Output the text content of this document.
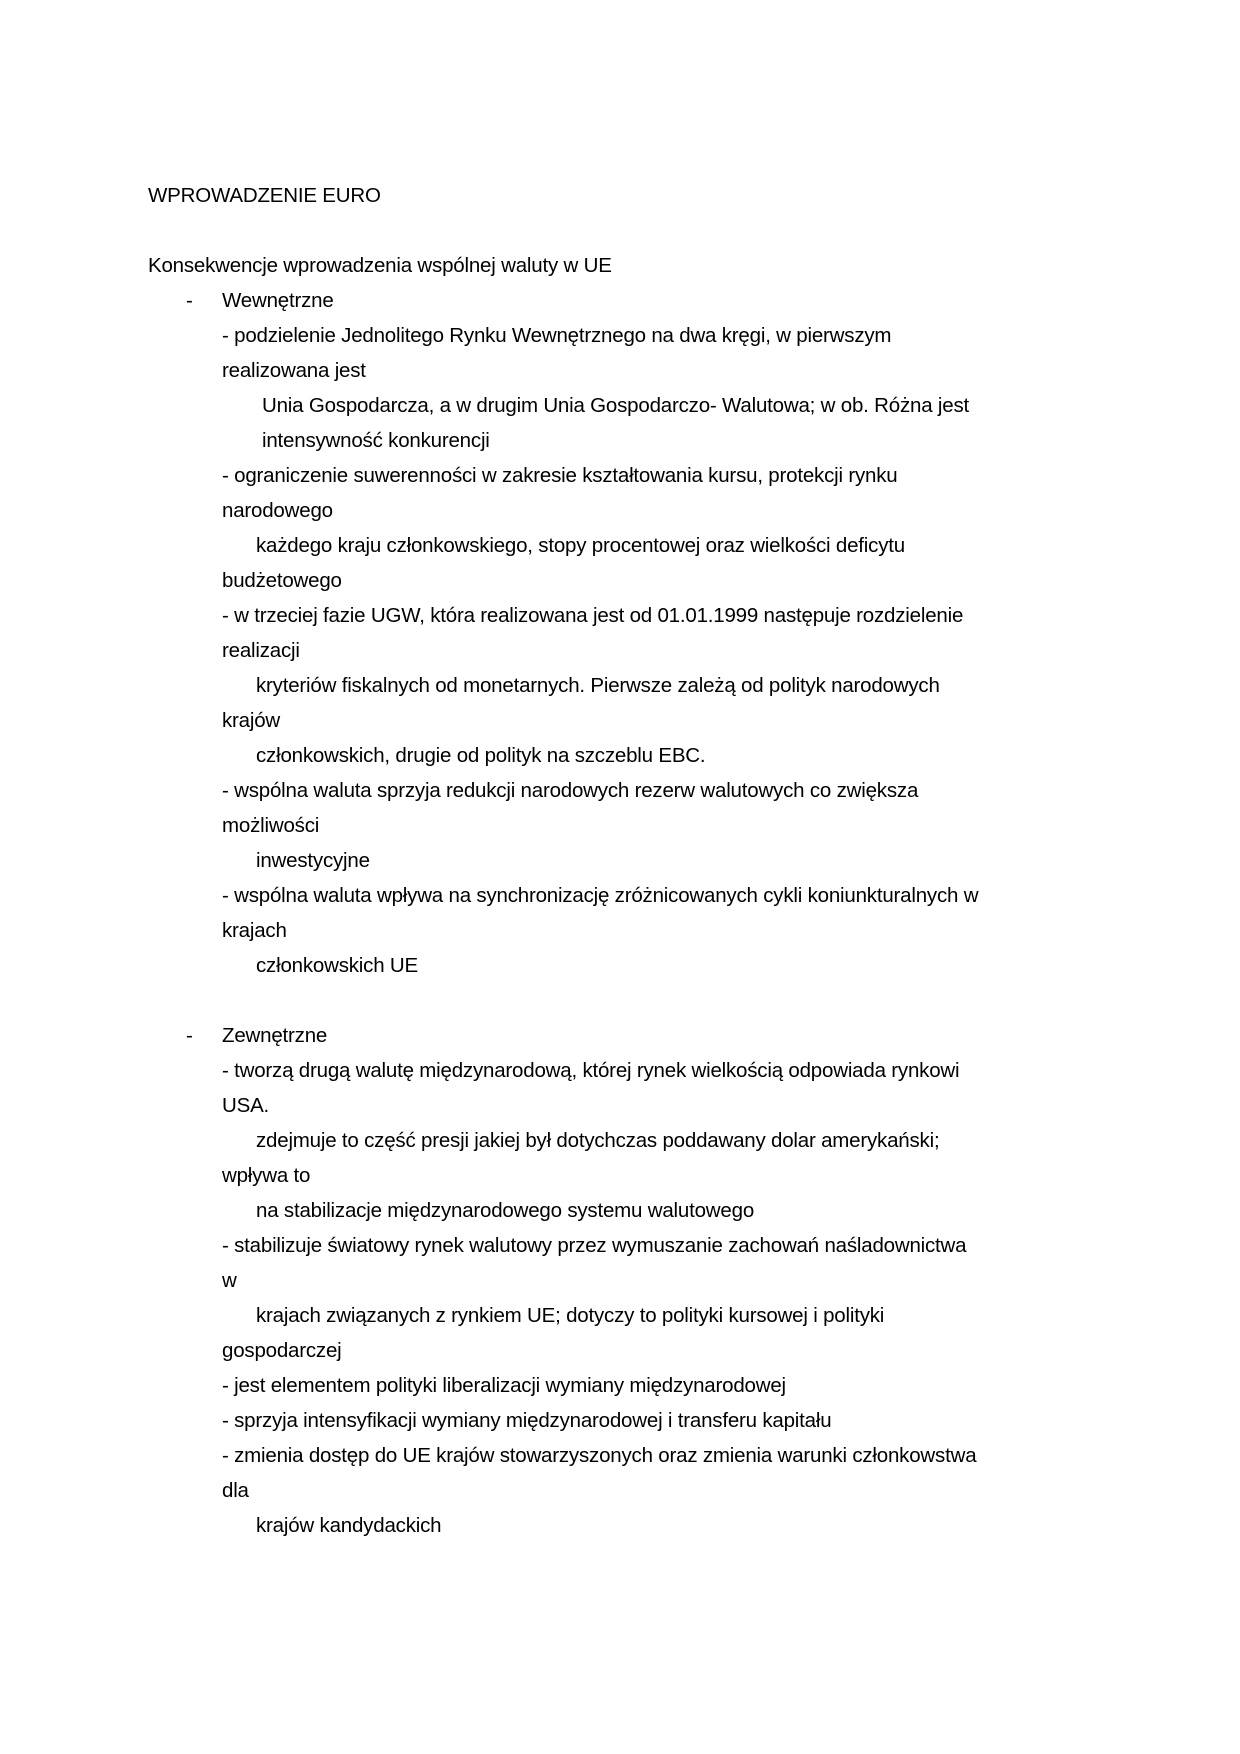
WPROWADZENIE EURO
Konsekwencje wprowadzenia wspólnej waluty w UE
- Wewnętrzne
- podzielenie Jednolitego Rynku Wewnętrznego na dwa kręgi, w pierwszym
realizowana jest
Unia Gospodarcza, a w drugim Unia Gospodarczo- Walutowa; w ob. Różna jest
intensywność konkurencji
- ograniczenie suwerenności w zakresie kształtowania kursu, protekcji rynku
narodowego
każdego kraju członkowskiego, stopy procentowej oraz wielkości deficytu
budżetowego
- w trzeciej fazie UGW, która realizowana jest od 01.01.1999 następuje rozdzielenie
realizacji
kryteriów fiskalnych od monetarnych. Pierwsze zależą od polityk narodowych
krajów
członkowskich, drugie od polityk na szczeblu EBC.
- wspólna waluta sprzyja redukcji narodowych rezerw walutowych co zwiększa
możliwości
inwestycyjne
- wspólna waluta wpływa na synchronizację zróżnicowanych cykli koniunkturalnych w
krajach
członkowskich UE
- Zewnętrzne
- tworzą drugą walutę międzynarodową, której rynek wielkością odpowiada rynkowi
USA.
zdejmuje to część presji jakiej był dotychczas poddawany dolar amerykański;
wpływa to
na stabilizacje międzynarodowego systemu walutowego
- stabilizuje światowy rynek walutowy przez wymuszanie zachowań naśladownictwa
w
krajach związanych z rynkiem UE; dotyczy to polityki kursowej i polityki
gospodarczej
- jest elementem polityki liberalizacji wymiany międzynarodowej
- sprzyja intensyfikacji wymiany międzynarodowej i transferu kapitału
- zmienia dostęp do UE krajów stowarzyszonych oraz zmienia warunki członkowstwa
dla
krajów kandydackich
